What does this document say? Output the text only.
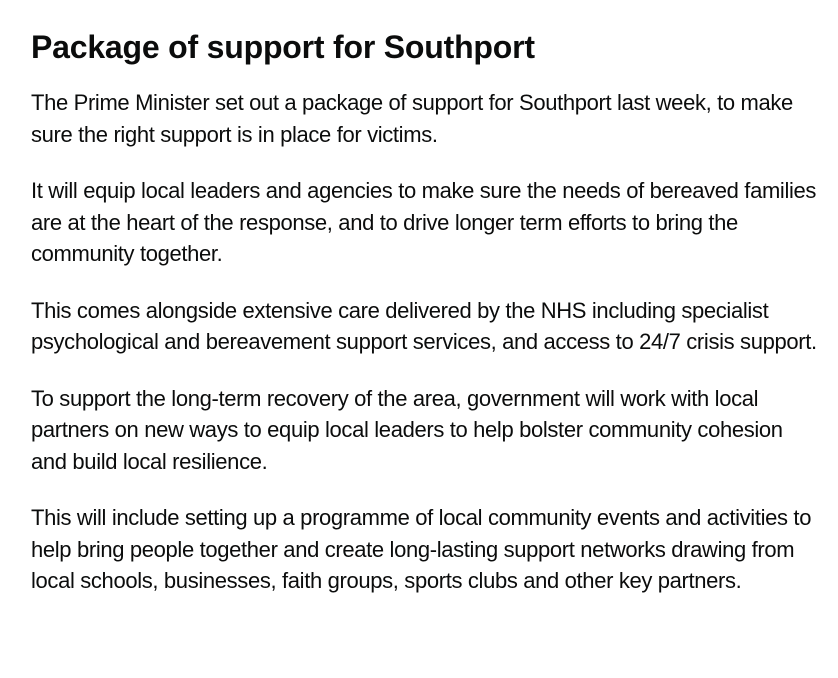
Package of support for Southport

The Prime Minister set out a package of support for Southport last week, to make sure the right support is in place for victims.

It will equip local leaders and agencies to make sure the needs of bereaved families are at the heart of the response, and to drive longer term efforts to bring the community together.

This comes alongside extensive care delivered by the NHS including specialist psychological and bereavement support services, and access to 24/7 crisis support.

To support the long-term recovery of the area, government will work with local partners on new ways to equip local leaders to help bolster community cohesion and build local resilience.

This will include setting up a programme of local community events and activities to help bring people together and create long-lasting support networks drawing from local schools, businesses, faith groups, sports clubs and other key partners.
